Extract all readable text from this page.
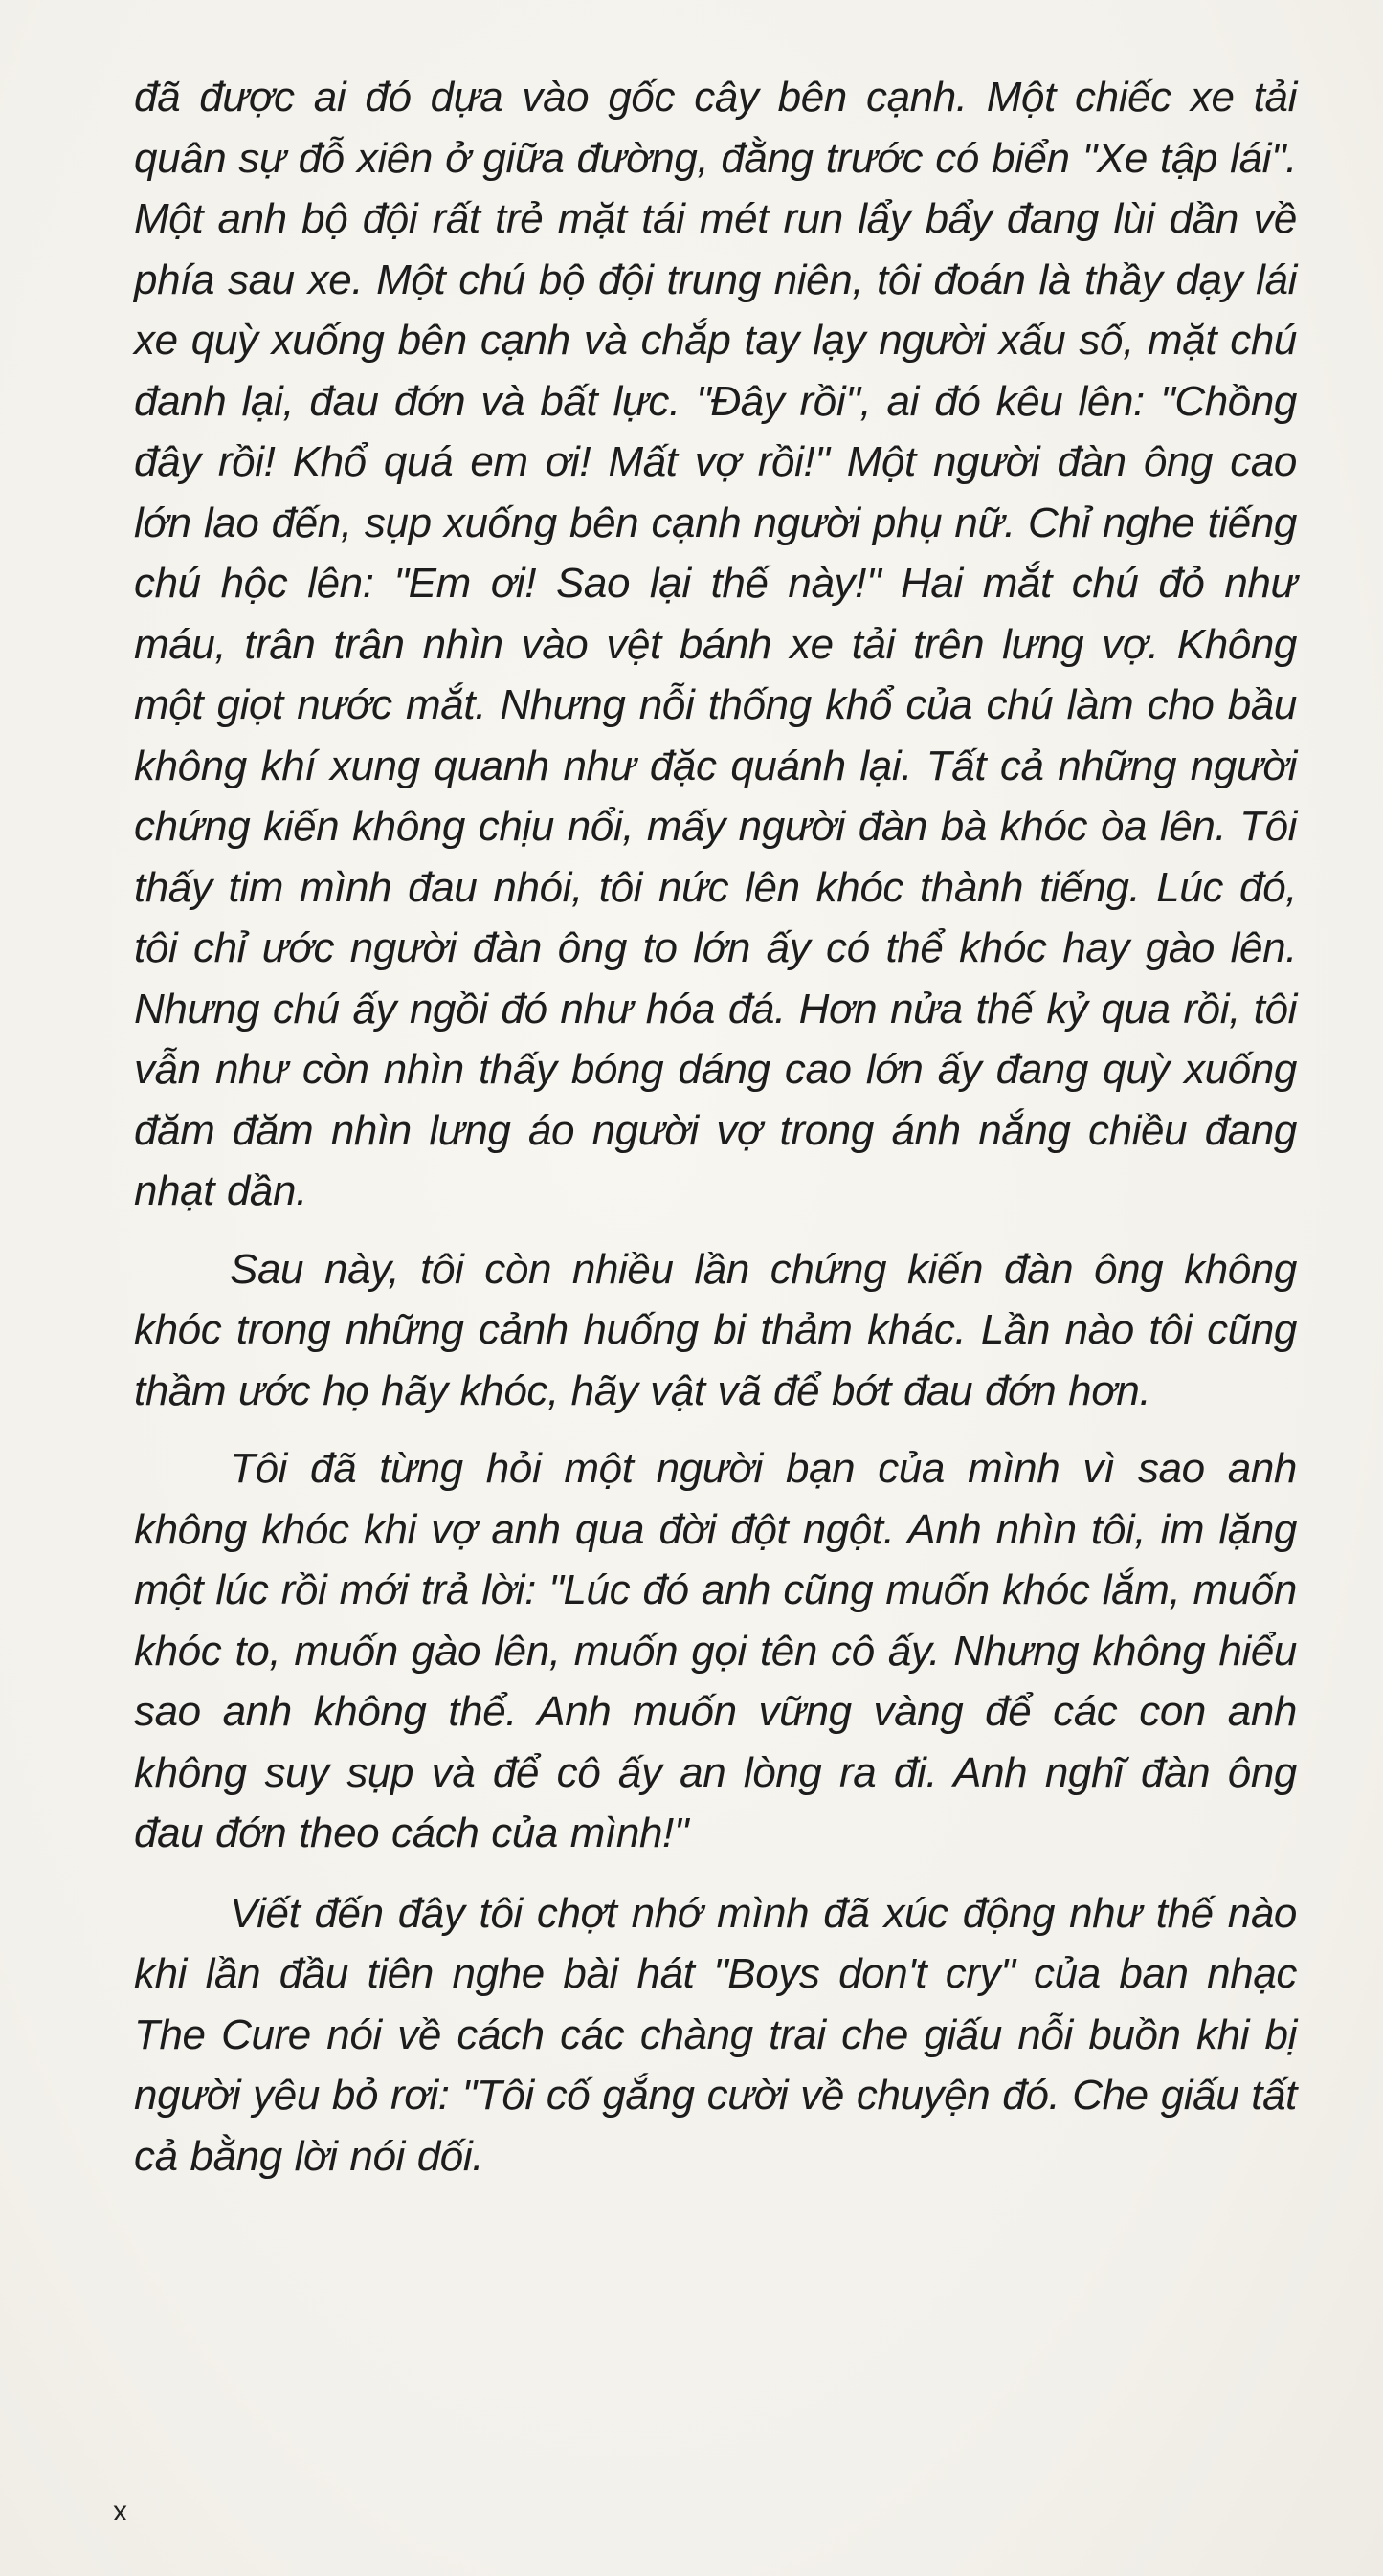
đã được ai đó dựa vào gốc cây bên cạnh. Một chiếc xe tải quân sự đỗ xiên ở giữa đường, đằng trước có biển "Xe tập lái". Một anh bộ đội rất trẻ mặt tái mét run lẩy bẩy đang lùi dần về phía sau xe. Một chú bộ đội trung niên, tôi đoán là thầy dạy lái xe quỳ xuống bên cạnh và chắp tay lạy người xấu số, mặt chú đanh lại, đau đớn và bất lực. "Đây rồi", ai đó kêu lên: "Chồng đây rồi! Khổ quá em ơi! Mất vợ rồi!" Một người đàn ông cao lớn lao đến, sụp xuống bên cạnh người phụ nữ. Chỉ nghe tiếng chú hộc lên: "Em ơi! Sao lại thế này!" Hai mắt chú đỏ như máu, trân trân nhìn vào vệt bánh xe tải trên lưng vợ. Không một giọt nước mắt. Nhưng nỗi thống khổ của chú làm cho bầu không khí xung quanh như đặc quánh lại. Tất cả những người chứng kiến không chịu nổi, mấy người đàn bà khóc òa lên. Tôi thấy tim mình đau nhói, tôi nức lên khóc thành tiếng. Lúc đó, tôi chỉ ước người đàn ông to lớn ấy có thể khóc hay gào lên. Nhưng chú ấy ngồi đó như hóa đá. Hơn nửa thế kỷ qua rồi, tôi vẫn như còn nhìn thấy bóng dáng cao lớn ấy đang quỳ xuống đăm đăm nhìn lưng áo người vợ trong ánh nắng chiều đang nhạt dần.

Sau này, tôi còn nhiều lần chứng kiến đàn ông không khóc trong những cảnh huống bi thảm khác. Lần nào tôi cũng thầm ước họ hãy khóc, hãy vật vã để bớt đau đớn hơn.

Tôi đã từng hỏi một người bạn của mình vì sao anh không khóc khi vợ anh qua đời đột ngột. Anh nhìn tôi, im lặng một lúc rồi mới trả lời: "Lúc đó anh cũng muốn khóc lắm, muốn khóc to, muốn gào lên, muốn gọi tên cô ấy. Nhưng không hiểu sao anh không thể. Anh muốn vững vàng để các con anh không suy sụp và để cô ấy an lòng ra đi. Anh nghĩ đàn ông đau đớn theo cách của mình!"

Viết đến đây tôi chợt nhớ mình đã xúc động như thế nào khi lần đầu tiên nghe bài hát "Boys don't cry" của ban nhạc The Cure nói về cách các chàng trai che giấu nỗi buồn khi bị người yêu bỏ rơi: "Tôi cố gắng cười về chuyện đó. Che giấu tất cả bằng lời nói dối.

x
